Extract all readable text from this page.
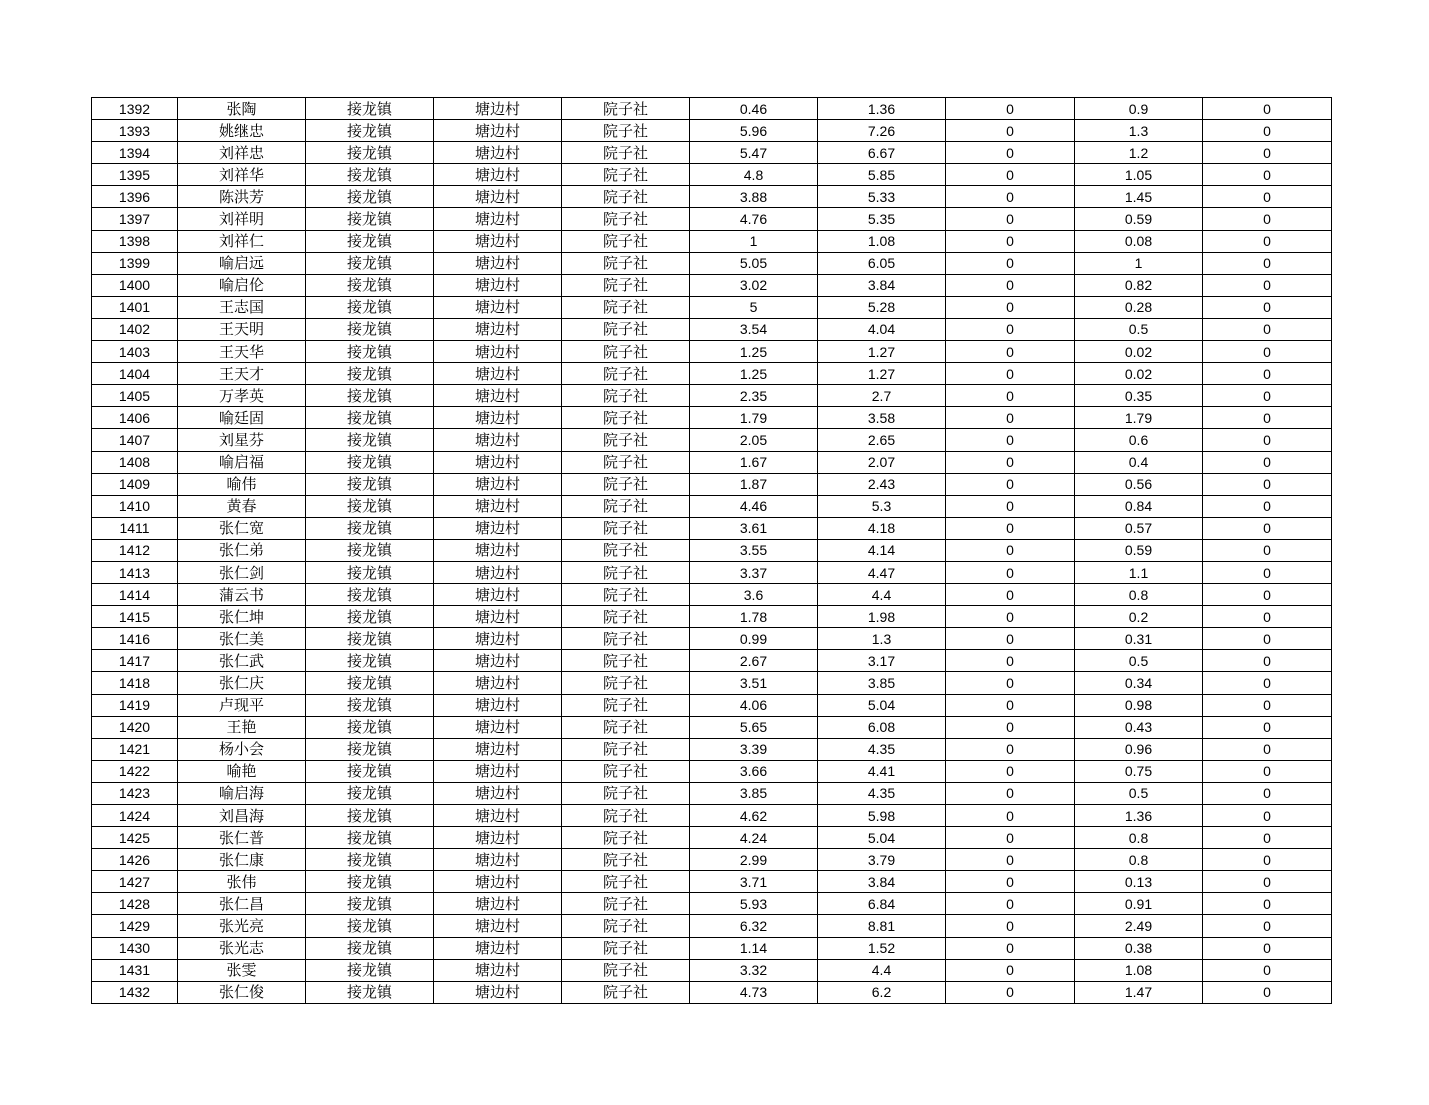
1392	张陶	接龙镇	塘边村	院子社	0.46	1.36	0	0.9	0
1393	姚继忠	接龙镇	塘边村	院子社	5.96	7.26	0	1.3	0
1394	刘祥忠	接龙镇	塘边村	院子社	5.47	6.67	0	1.2	0
1395	刘祥华	接龙镇	塘边村	院子社	4.8	5.85	0	1.05	0
1396	陈洪芳	接龙镇	塘边村	院子社	3.88	5.33	0	1.45	0
1397	刘祥明	接龙镇	塘边村	院子社	4.76	5.35	0	0.59	0
1398	刘祥仁	接龙镇	塘边村	院子社	1	1.08	0	0.08	0
1399	喻启远	接龙镇	塘边村	院子社	5.05	6.05	0	1	0
1400	喻启伦	接龙镇	塘边村	院子社	3.02	3.84	0	0.82	0
1401	王志国	接龙镇	塘边村	院子社	5	5.28	0	0.28	0
1402	王天明	接龙镇	塘边村	院子社	3.54	4.04	0	0.5	0
1403	王天华	接龙镇	塘边村	院子社	1.25	1.27	0	0.02	0
1404	王天才	接龙镇	塘边村	院子社	1.25	1.27	0	0.02	0
1405	万孝英	接龙镇	塘边村	院子社	2.35	2.7	0	0.35	0
1406	喻廷固	接龙镇	塘边村	院子社	1.79	3.58	0	1.79	0
1407	刘星芬	接龙镇	塘边村	院子社	2.05	2.65	0	0.6	0
1408	喻启福	接龙镇	塘边村	院子社	1.67	2.07	0	0.4	0
1409	喻伟	接龙镇	塘边村	院子社	1.87	2.43	0	0.56	0
1410	黄春	接龙镇	塘边村	院子社	4.46	5.3	0	0.84	0
1411	张仁宽	接龙镇	塘边村	院子社	3.61	4.18	0	0.57	0
1412	张仁弟	接龙镇	塘边村	院子社	3.55	4.14	0	0.59	0
1413	张仁剑	接龙镇	塘边村	院子社	3.37	4.47	0	1.1	0
1414	蒲云书	接龙镇	塘边村	院子社	3.6	4.4	0	0.8	0
1415	张仁坤	接龙镇	塘边村	院子社	1.78	1.98	0	0.2	0
1416	张仁美	接龙镇	塘边村	院子社	0.99	1.3	0	0.31	0
1417	张仁武	接龙镇	塘边村	院子社	2.67	3.17	0	0.5	0
1418	张仁庆	接龙镇	塘边村	院子社	3.51	3.85	0	0.34	0
1419	卢现平	接龙镇	塘边村	院子社	4.06	5.04	0	0.98	0
1420	王艳	接龙镇	塘边村	院子社	5.65	6.08	0	0.43	0
1421	杨小会	接龙镇	塘边村	院子社	3.39	4.35	0	0.96	0
1422	喻艳	接龙镇	塘边村	院子社	3.66	4.41	0	0.75	0
1423	喻启海	接龙镇	塘边村	院子社	3.85	4.35	0	0.5	0
1424	刘昌海	接龙镇	塘边村	院子社	4.62	5.98	0	1.36	0
1425	张仁普	接龙镇	塘边村	院子社	4.24	5.04	0	0.8	0
1426	张仁康	接龙镇	塘边村	院子社	2.99	3.79	0	0.8	0
1427	张伟	接龙镇	塘边村	院子社	3.71	3.84	0	0.13	0
1428	张仁昌	接龙镇	塘边村	院子社	5.93	6.84	0	0.91	0
1429	张光亮	接龙镇	塘边村	院子社	6.32	8.81	0	2.49	0
1430	张光志	接龙镇	塘边村	院子社	1.14	1.52	0	0.38	0
1431	张雯	接龙镇	塘边村	院子社	3.32	4.4	0	1.08	0
1432	张仁俊	接龙镇	塘边村	院子社	4.73	6.2	0	1.47	0
